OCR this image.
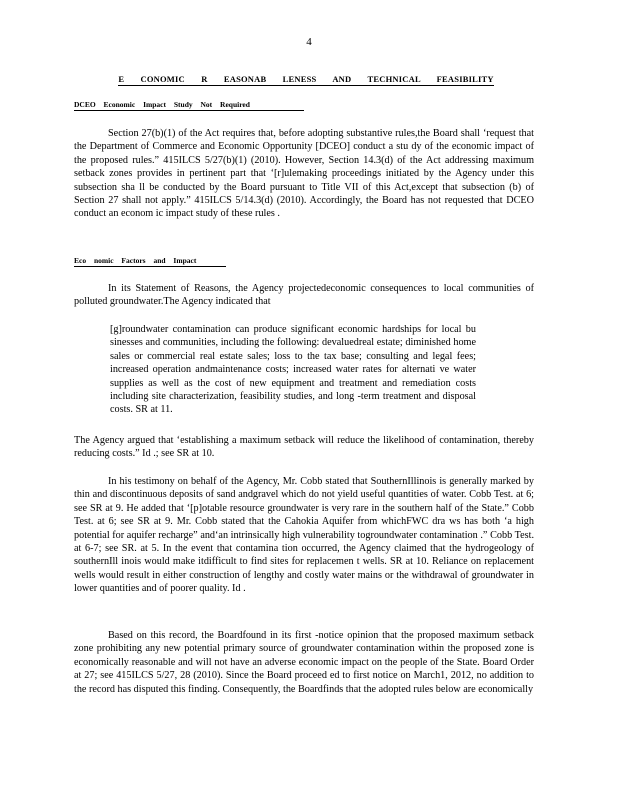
4
E CONOMIC R EASONAB LENESS AND TECHNICAL FEASIBILITY
DCEO Economic Impact Study Not Required

Section 27(b)(1) of the Act requires that, before adopting substantive rules,the Board shall ‘request that the Department of Commerce and Economic Opportunity [DCEO] conduct a stu dy of the economic impact of the proposed rules.” 415ILCS 5/27(b)(1) (2010). However, Section 14.3(d) of the Act addressing maximum setback zones provides in pertinent part that ‘[r]ulemaking proceedings initiated by the Agency under this subsection sha ll be conducted by the Board pursuant to Title VII of this Act,except that subsection (b) of Section 27 shall not apply.” 415ILCS 5/14.3(d) (2010). Accordingly, the Board has not requested that DCEO conduct an econom ic impact study of these rules .

Eco nomic Factors and Impact

In its Statement of Reasons, the Agency projectedeconomic consequences to local communities of polluted groundwater.The Agency indicated that

[g]roundwater contamination can produce significant economic hardships for local bu sinesses and communities, including the following: devaluedreal estate; diminished home sales or commercial real estate sales; loss to the tax base; consulting and legal fees; increased operation andmaintenance costs; increased water rates for alternati ve water supplies as well as the cost of new equipment and treatment and remediation costs including site characterization, feasibility studies, and long -term treatment and disposal costs. SR at 11.

The Agency argued that ‘establishing a maximum setback will reduce the likelihood of contamination, thereby reducing costs.” Id .; see SR at 10.

In his testimony on behalf of the Agency, Mr. Cobb stated that SouthernIllinois is generally marked by thin and discontinuous deposits of sand andgravel which do not yield useful quantities of water. Cobb Test. at 6; see SR at 9. He added that ‘[p]otable resource groundwater is very rare in the southern half of the State.” Cobb Test. at 6; see SR at 9. Mr. Cobb stated that the Cahokia Aquifer from whichFWC dra ws has both ‘a high potential for aquifer recharge” and‘an intrinsically high vulnerability togroundwater contamination .” Cobb Test. at 6-7; see SR. at 5. In the event that contamina tion occurred, the Agency claimed that the hydrogeology of southernIll inois would make itdifficult to find sites for replacemen t wells. SR at 10. Reliance on replacement wells would result in either construction of lengthy and costly water mains or the withdrawal of groundwater in lower quantities and of poorer quality. Id .

Based on this record, the Boardfound in its first -notice opinion that the proposed maximum setback zone prohibiting any new potential primary source of groundwater contamination within the proposed zone is economically reasonable and will not have an adverse economic impact on the people of the State. Board Order at 27; see 415ILCS 5/27, 28 (2010). Since the Board proceed ed to first notice on March1, 2012, no addition to the record has disputed this finding. Consequently, the Boardfinds that the adopted rules below are economically
